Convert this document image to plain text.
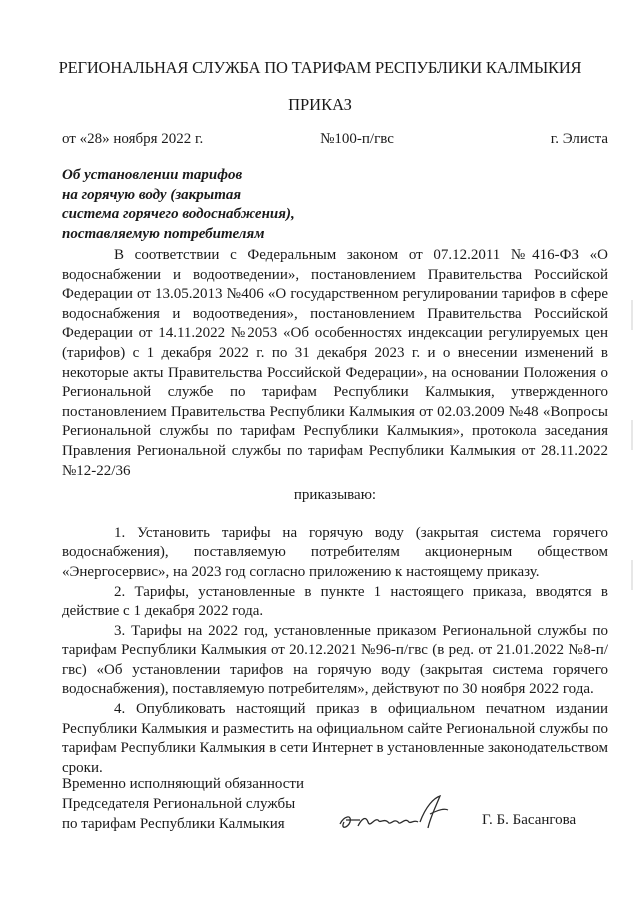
РЕГИОНАЛЬНАЯ СЛУЖБА ПО ТАРИФАМ РЕСПУБЛИКИ КАЛМЫКИЯ
ПРИКАЗ
от «28» ноября 2022 г.	№100-п/гвс	г. Элиста
Об установлении тарифов
на горячую воду (закрытая
система горячего водоснабжения),
поставляемую потребителям

В соответствии с Федеральным законом от 07.12.2011 №416-ФЗ «О водоснабжении и водоотведении», постановлением Правительства Российской Федерации от 13.05.2013 №406 «О государственном регулировании тарифов в сфере водоснабжения и водоотведения», постановлением Правительства Российской Федерации от 14.11.2022 №2053 «Об особенностях индексации регулируемых цен (тарифов) с 1 декабря 2022 г. по 31 декабря 2023 г. и о внесении изменений в некоторые акты Правительства Российской Федерации», на основании Положения о Региональной службе по тарифам Республики Калмыкия, утвержденного постановлением Правительства Республики Калмыкия от 02.03.2009 №48 «Вопросы Региональной службы по тарифам Республики Калмыкия», протокола заседания Правления Региональной службы по тарифам Республики Калмыкия от 28.11.2022 №12-22/36

приказываю:

1. Установить тарифы на горячую воду (закрытая система горячего водоснабжения), поставляемую потребителям акционерным обществом «Энергосервис», на 2023 год согласно приложению к настоящему приказу.

2. Тарифы, установленные в пункте 1 настоящего приказа, вводятся в действие с 1 декабря 2022 года.

3. Тарифы на 2022 год, установленные приказом Региональной службы по тарифам Республики Калмыкия от 20.12.2021 №96-п/гвс (в ред. от 21.01.2022 №8-п/гвс) «Об установлении тарифов на горячую воду (закрытая система горячего водоснабжения), поставляемую потребителям», действуют по 30 ноября 2022 года.

4. Опубликовать настоящий приказ в официальном печатном издании Республики Калмыкия и разместить на официальном сайте Региональной службы по тарифам Республики Калмыкия в сети Интернет в установленные законодательством сроки.

Временно исполняющий обязанности
Председателя Региональной службы
по тарифам Республики Калмыкия	Г. Б. Басангова
